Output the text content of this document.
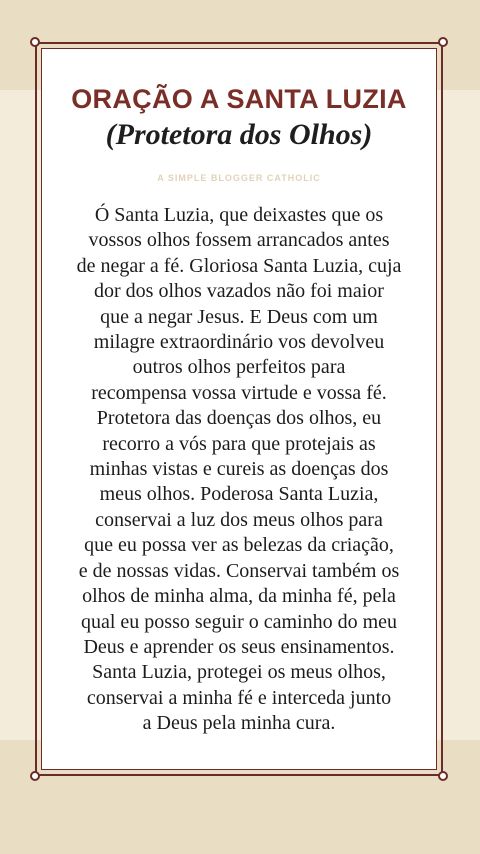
ORAÇÃO A SANTA LUZIA
(Protetora dos Olhos)
A SIMPLE BLOGGER CATHOLIC
Ó Santa Luzia, que deixastes que os
vossos olhos fossem arrancados antes
de negar a fé. Gloriosa Santa Luzia, cuja
dor dos olhos vazados não foi maior
que a negar Jesus. E Deus com um
milagre extraordinário vos devolveu
outros olhos perfeitos para
recompensa vossa virtude e vossa fé.
Protetora das doenças dos olhos, eu
recorro a vós para que protejais as
minhas vistas e cureis as doenças dos
meus olhos. Poderosa Santa Luzia,
conservai a luz dos meus olhos para
que eu possa ver as belezas da criação,
e de nossas vidas. Conservai também os
olhos de minha alma, da minha fé, pela
qual eu posso seguir o caminho do meu
Deus e aprender os seus ensinamentos.
Santa Luzia, protegei os meus olhos,
conservai a minha fé e interceda junto
a Deus pela minha cura.
